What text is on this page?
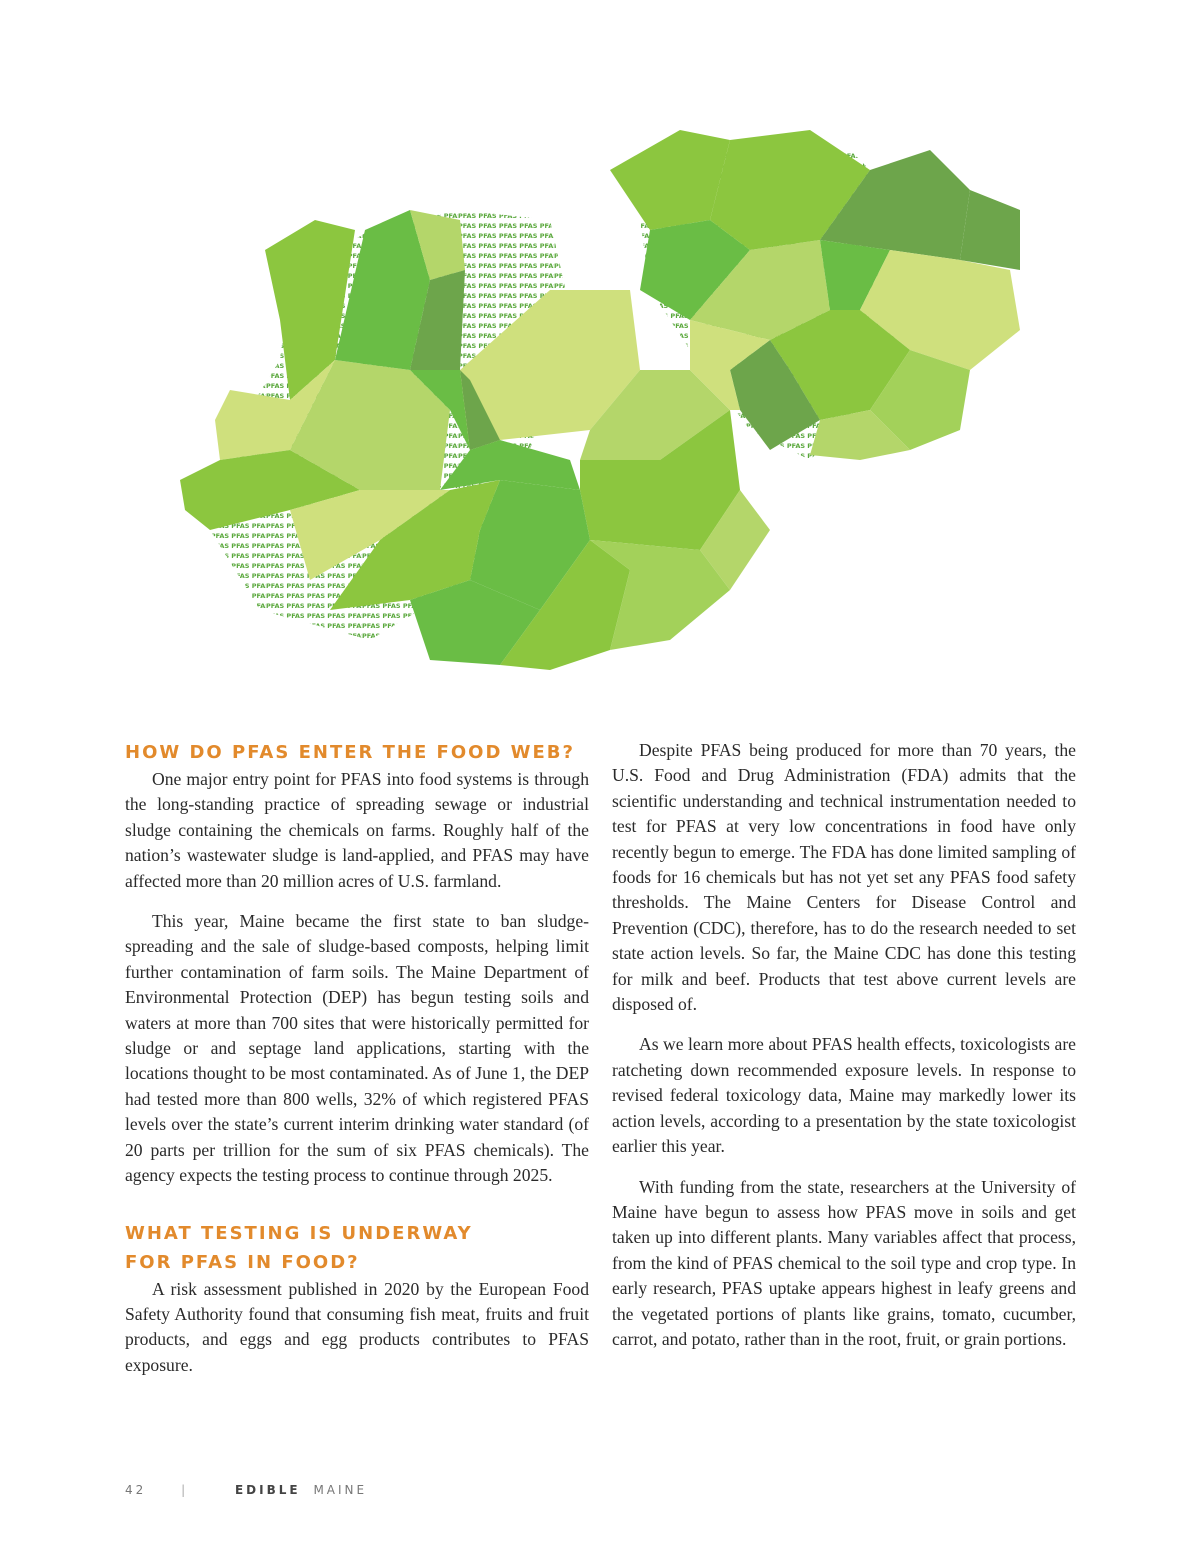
HOW DO PFAS ENTER THE FOOD WEB?

One major entry point for PFAS into food systems is through the long-standing practice of spreading sewage or industrial sludge containing the chemicals on farms. Roughly half of the nation’s wastewater sludge is land-applied, and PFAS may have affected more than 20 million acres of U.S. farmland.

This year, Maine became the first state to ban sludge-spreading and the sale of sludge-based composts, helping limit further contamination of farm soils. The Maine Department of Environmental Protection (DEP) has begun testing soils and waters at more than 700 sites that were historically permitted for sludge or and septage land applications, starting with the locations thought to be most contaminated. As of June 1, the DEP had tested more than 800 wells, 32% of which registered PFAS levels over the state’s current interim drinking water standard (of 20 parts per trillion for the sum of six PFAS chemicals). The agency expects the testing process to continue through 2025.

WHAT TESTING IS UNDERWAY
FOR PFAS IN FOOD?

A risk assessment published in 2020 by the European Food Safety Authority found that consuming fish meat, fruits and fruit products, and eggs and egg products contributes to PFAS exposure.

Despite PFAS being produced for more than 70 years, the U.S. Food and Drug Administration (FDA) admits that the scientific understanding and technical instrumentation needed to test for PFAS at very low concentrations in food have only recently begun to emerge. The FDA has done limited sampling of foods for 16 chemicals but has not yet set any PFAS food safety thresholds. The Maine Centers for Disease Control and Prevention (CDC), therefore, has to do the research needed to set state action levels. So far, the Maine CDC has done this testing for milk and beef. Products that test above current levels are disposed of.

As we learn more about PFAS health effects, toxicologists are ratcheting down recommended exposure levels. In response to revised federal toxicology data, Maine may markedly lower its action levels, according to a presentation by the state toxicologist earlier this year.

With funding from the state, researchers at the University of Maine have begun to assess how PFAS move in soils and get taken up into different plants. Many variables affect that process, from the kind of PFAS chemical to the soil type and crop type. In early research, PFAS uptake appears highest in leafy greens and the vegetated portions of plants like grains, tomato, cucumber, carrot, and potato, rather than in the root, fruit, or grain portions.

42	|	EDIBLE MAINE
